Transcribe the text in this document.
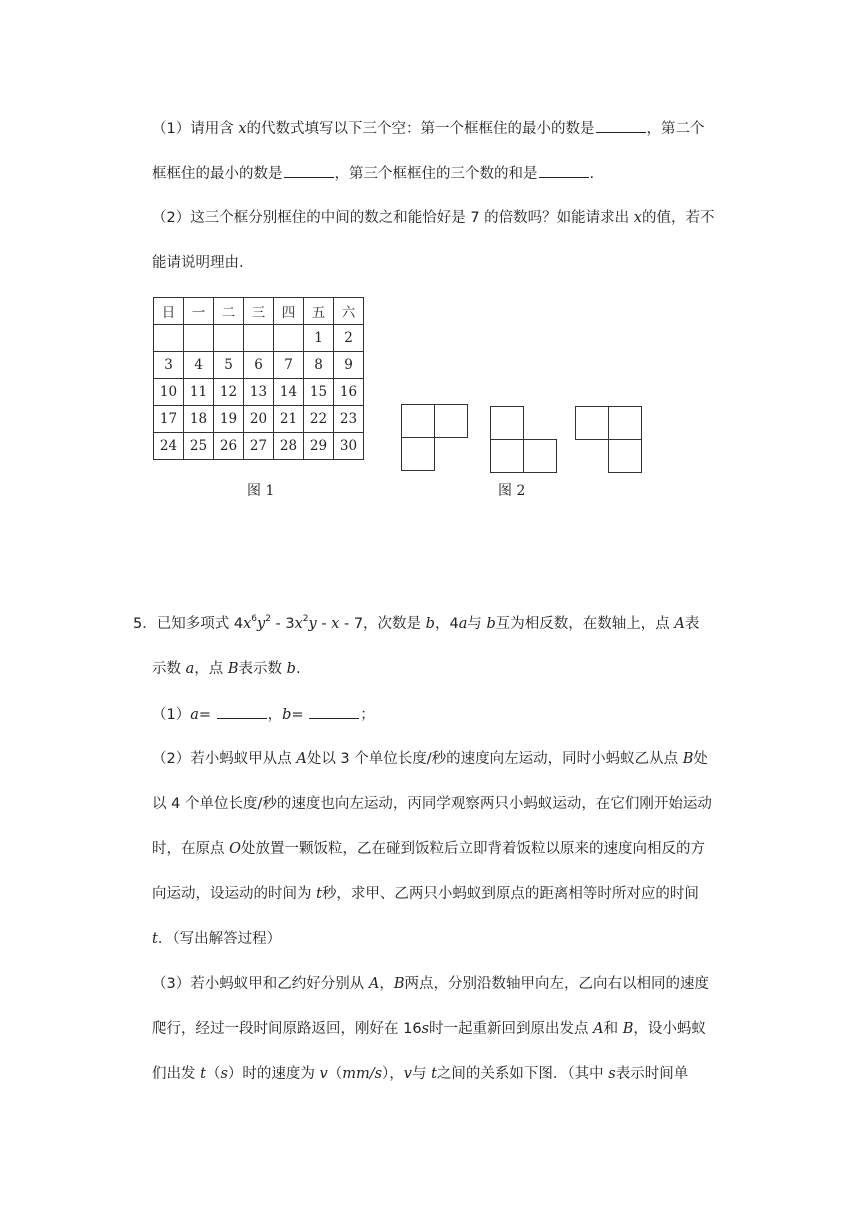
（1）请用含 x的代数式填写以下三个空：第一个框框住的最小的数是	，第二个
框框住的最小的数是	，第三个框框住的三个数的和是	.
（2）这三个框分别框住的中间的数之和能恰好是 7 的倍数吗？如能请求出 x的值，若不
能请说明理由．
日	一	二	三	四	五	六
					1	2
3	4	5	6	7	8	9
10	11	12	13	14	15	16
17	18	19	20	21	22	23
24	25	26	27	28	29	30
图 1	图 2
5．已知多项式 $4x^6y^2 - 3x^2y$ - x - 7，次数是 b，4a与 b互为相反数，在数轴上，点 A表
示数 a，点 B表示数 b.
（1）a=	，b=	；
（2）若小蚂蚁甲从点 A处以 3 个单位长度/秒的速度向左运动，同时小蚂蚁乙从点 B处
以 4 个单位长度/秒的速度也向左运动，丙同学观察两只小蚂蚁运动，在它们刚开始运动
时，在原点 O处放置一颗饭粒，乙在碰到饭粒后立即背着饭粒以原来的速度向相反的方
向运动，设运动的时间为 t秒，求甲、乙两只小蚂蚁到原点的距离相等时所对应的时间
t．（写出解答过程）
（3）若小蚂蚁甲和乙约好分别从 A，B两点，分别沿数轴甲向左，乙向右以相同的速度
爬行，经过一段时间原路返回，刚好在 16s时一起重新回到原出发点 A和 B，设小蚂蚁
们出发 t（s）时的速度为 v（mm/s），v与 t之间的关系如下图．（其中 s表示时间单
